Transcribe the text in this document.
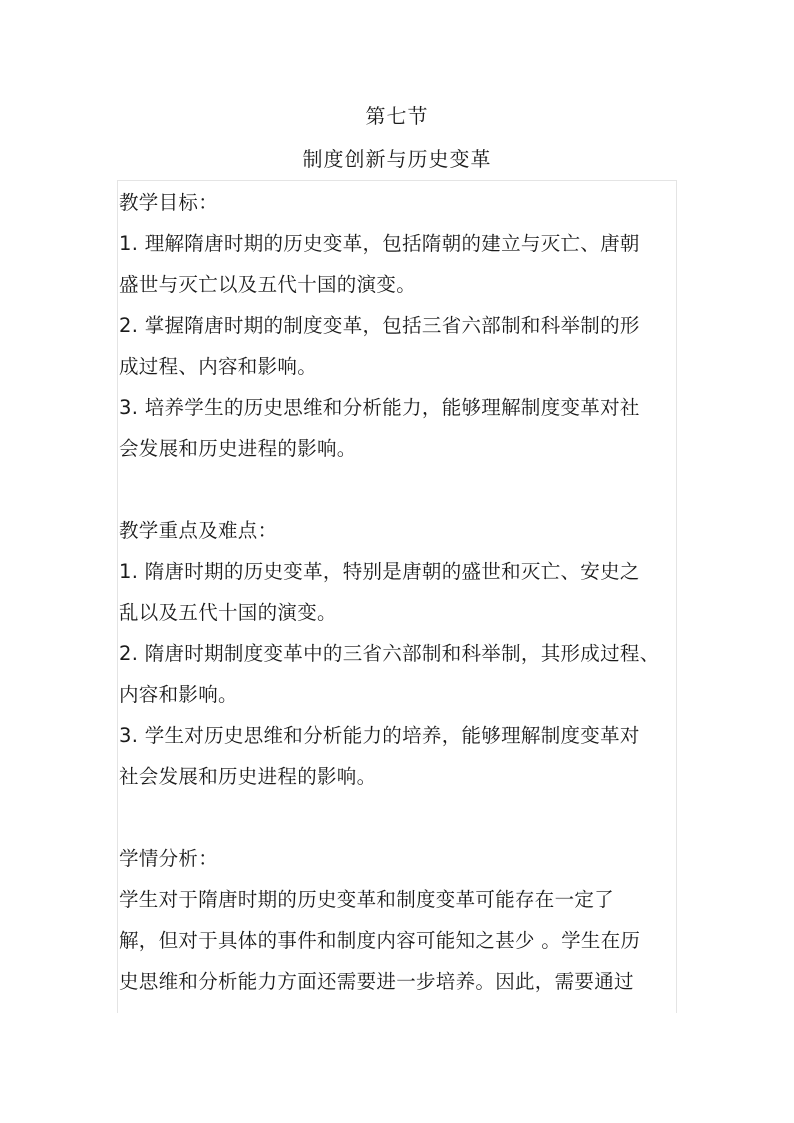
第七节
制度创新与历史变革

教学目标：

1. 理解隋唐时期的历史变革，包括隋朝的建立与灭亡、唐朝

盛世与灭亡以及五代十国的演变。

2. 掌握隋唐时期的制度变革，包括三省六部制和科举制的形

成过程、内容和影响。

3. 培养学生的历史思维和分析能力，能够理解制度变革对社

会发展和历史进程的影响。

教学重点及难点：

1. 隋唐时期的历史变革，特别是唐朝的盛世和灭亡、安史之

乱以及五代十国的演变。

2. 隋唐时期制度变革中的三省六部制和科举制，其形成过程、

内容和影响。

3. 学生对历史思维和分析能力的培养，能够理解制度变革对

社会发展和历史进程的影响。

学情分析：

学生对于隋唐时期的历史变革和制度变革可能存在一定了

解，但对于具体的事件和制度内容可能知之甚少 。学生在历

史思维和分析能力方面还需要进一步培养。因此，需要通过
